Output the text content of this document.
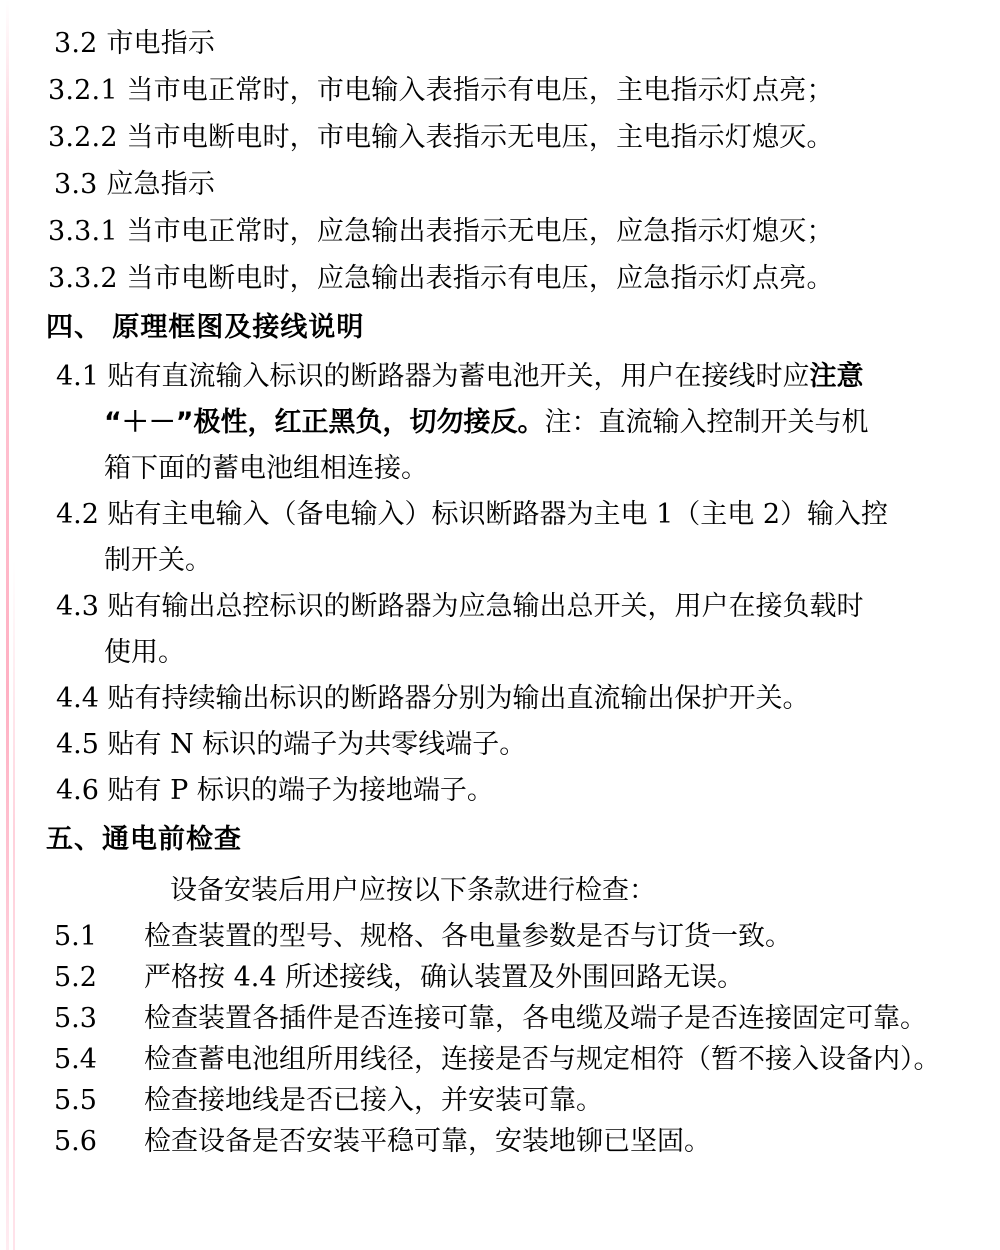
3.2 市电指示

3.2.1 当市电正常时，市电输入表指示有电压，主电指示灯点亮；

3.2.2 当市电断电时，市电输入表指示无电压，主电指示灯熄灭。

3.3 应急指示

3.3.1 当市电正常时，应急输出表指示无电压，应急指示灯熄灭；

3.3.2 当市电断电时，应急输出表指示有电压，应急指示灯点亮。

四、 原理框图及接线说明

4.1 贴有直流输入标识的断路器为蓄电池开关，用户在接线时应注意
“＋－”极性，红正黑负，切勿接反。注：直流输入控制开关与机
箱下面的蓄电池组相连接。
4.2 贴有主电输入（备电输入）标识断路器为主电 1（主电 2）输入控
制开关。
4.3 贴有输出总控标识的断路器为应急输出总开关，用户在接负载时
使用。

4.4 贴有持续输出标识的断路器分别为输出直流输出保护开关。

4.5 贴有 N 标识的端子为共零线端子。

4.6 贴有 P 标识的端子为接地端子。

五、通电前检查

设备安装后用户应按以下条款进行检查：

5.1 检查装置的型号、规格、各电量参数是否与订货一致。

5.2 严格按 4.4 所述接线，确认装置及外围回路无误。

5.3 检查装置各插件是否连接可靠，各电缆及端子是否连接固定可靠。

5.4 检查蓄电池组所用线径，连接是否与规定相符（暂不接入设备内）。

5.5 检查接地线是否已接入，并安装可靠。

5.6 检查设备是否安装平稳可靠，安装地铆已坚固。
